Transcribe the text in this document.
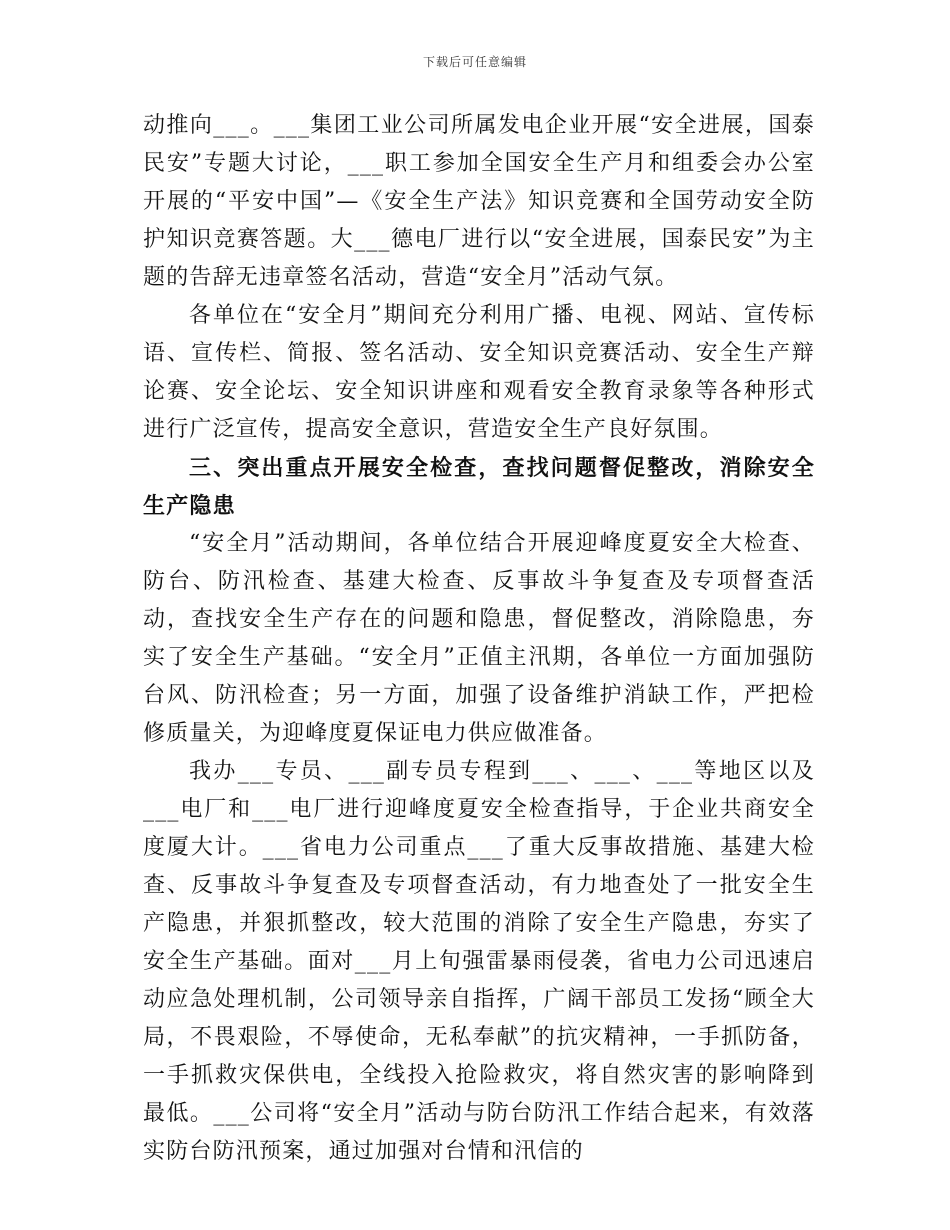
下载后可任意编辑

动推向___。___集团工业公司所属发电企业开展“安全进展，国泰民安”专题大讨论，___职工参加全国安全生产月和组委会办公室开展的“平安中国”—《安全生产法》知识竞赛和全国劳动安全防护知识竞赛答题。大___德电厂进行以“安全进展，国泰民安”为主题的告辞无违章签名活动，营造“安全月”活动气氛。

各单位在“安全月”期间充分利用广播、电视、网站、宣传标语、宣传栏、简报、签名活动、安全知识竞赛活动、安全生产辩论赛、安全论坛、安全知识讲座和观看安全教育录象等各种形式进行广泛宣传，提高安全意识，营造安全生产良好氛围。

三、突出重点开展安全检查，查找问题督促整改，消除安全生产隐患

“安全月”活动期间，各单位结合开展迎峰度夏安全大检查、防台、防汛检查、基建大检查、反事故斗争复查及专项督查活动，查找安全生产存在的问题和隐患，督促整改，消除隐患，夯实了安全生产基础。“安全月”正值主汛期，各单位一方面加强防台风、防汛检查；另一方面，加强了设备维护消缺工作，严把检修质量关，为迎峰度夏保证电力供应做准备。

我办___专员、___副专员专程到___、___、___等地区以及___电厂和___电厂进行迎峰度夏安全检查指导，于企业共商安全度厦大计。___省电力公司重点___了重大反事故措施、基建大检查、反事故斗争复查及专项督查活动，有力地查处了一批安全生产隐患，并狠抓整改，较大范围的消除了安全生产隐患，夯实了安全生产基础。面对___月上旬强雷暴雨侵袭，省电力公司迅速启动应急处理机制，公司领导亲自指挥，广阔干部员工发扬“顾全大局，不畏艰险，不辱使命，无私奉献”的抗灾精神，一手抓防备，一手抓救灾保供电，全线投入抢险救灾，将自然灾害的影响降到最低。___公司将“安全月”活动与防台防汛工作结合起来，有效落实防台防汛预案，通过加强对台情和汛信的
